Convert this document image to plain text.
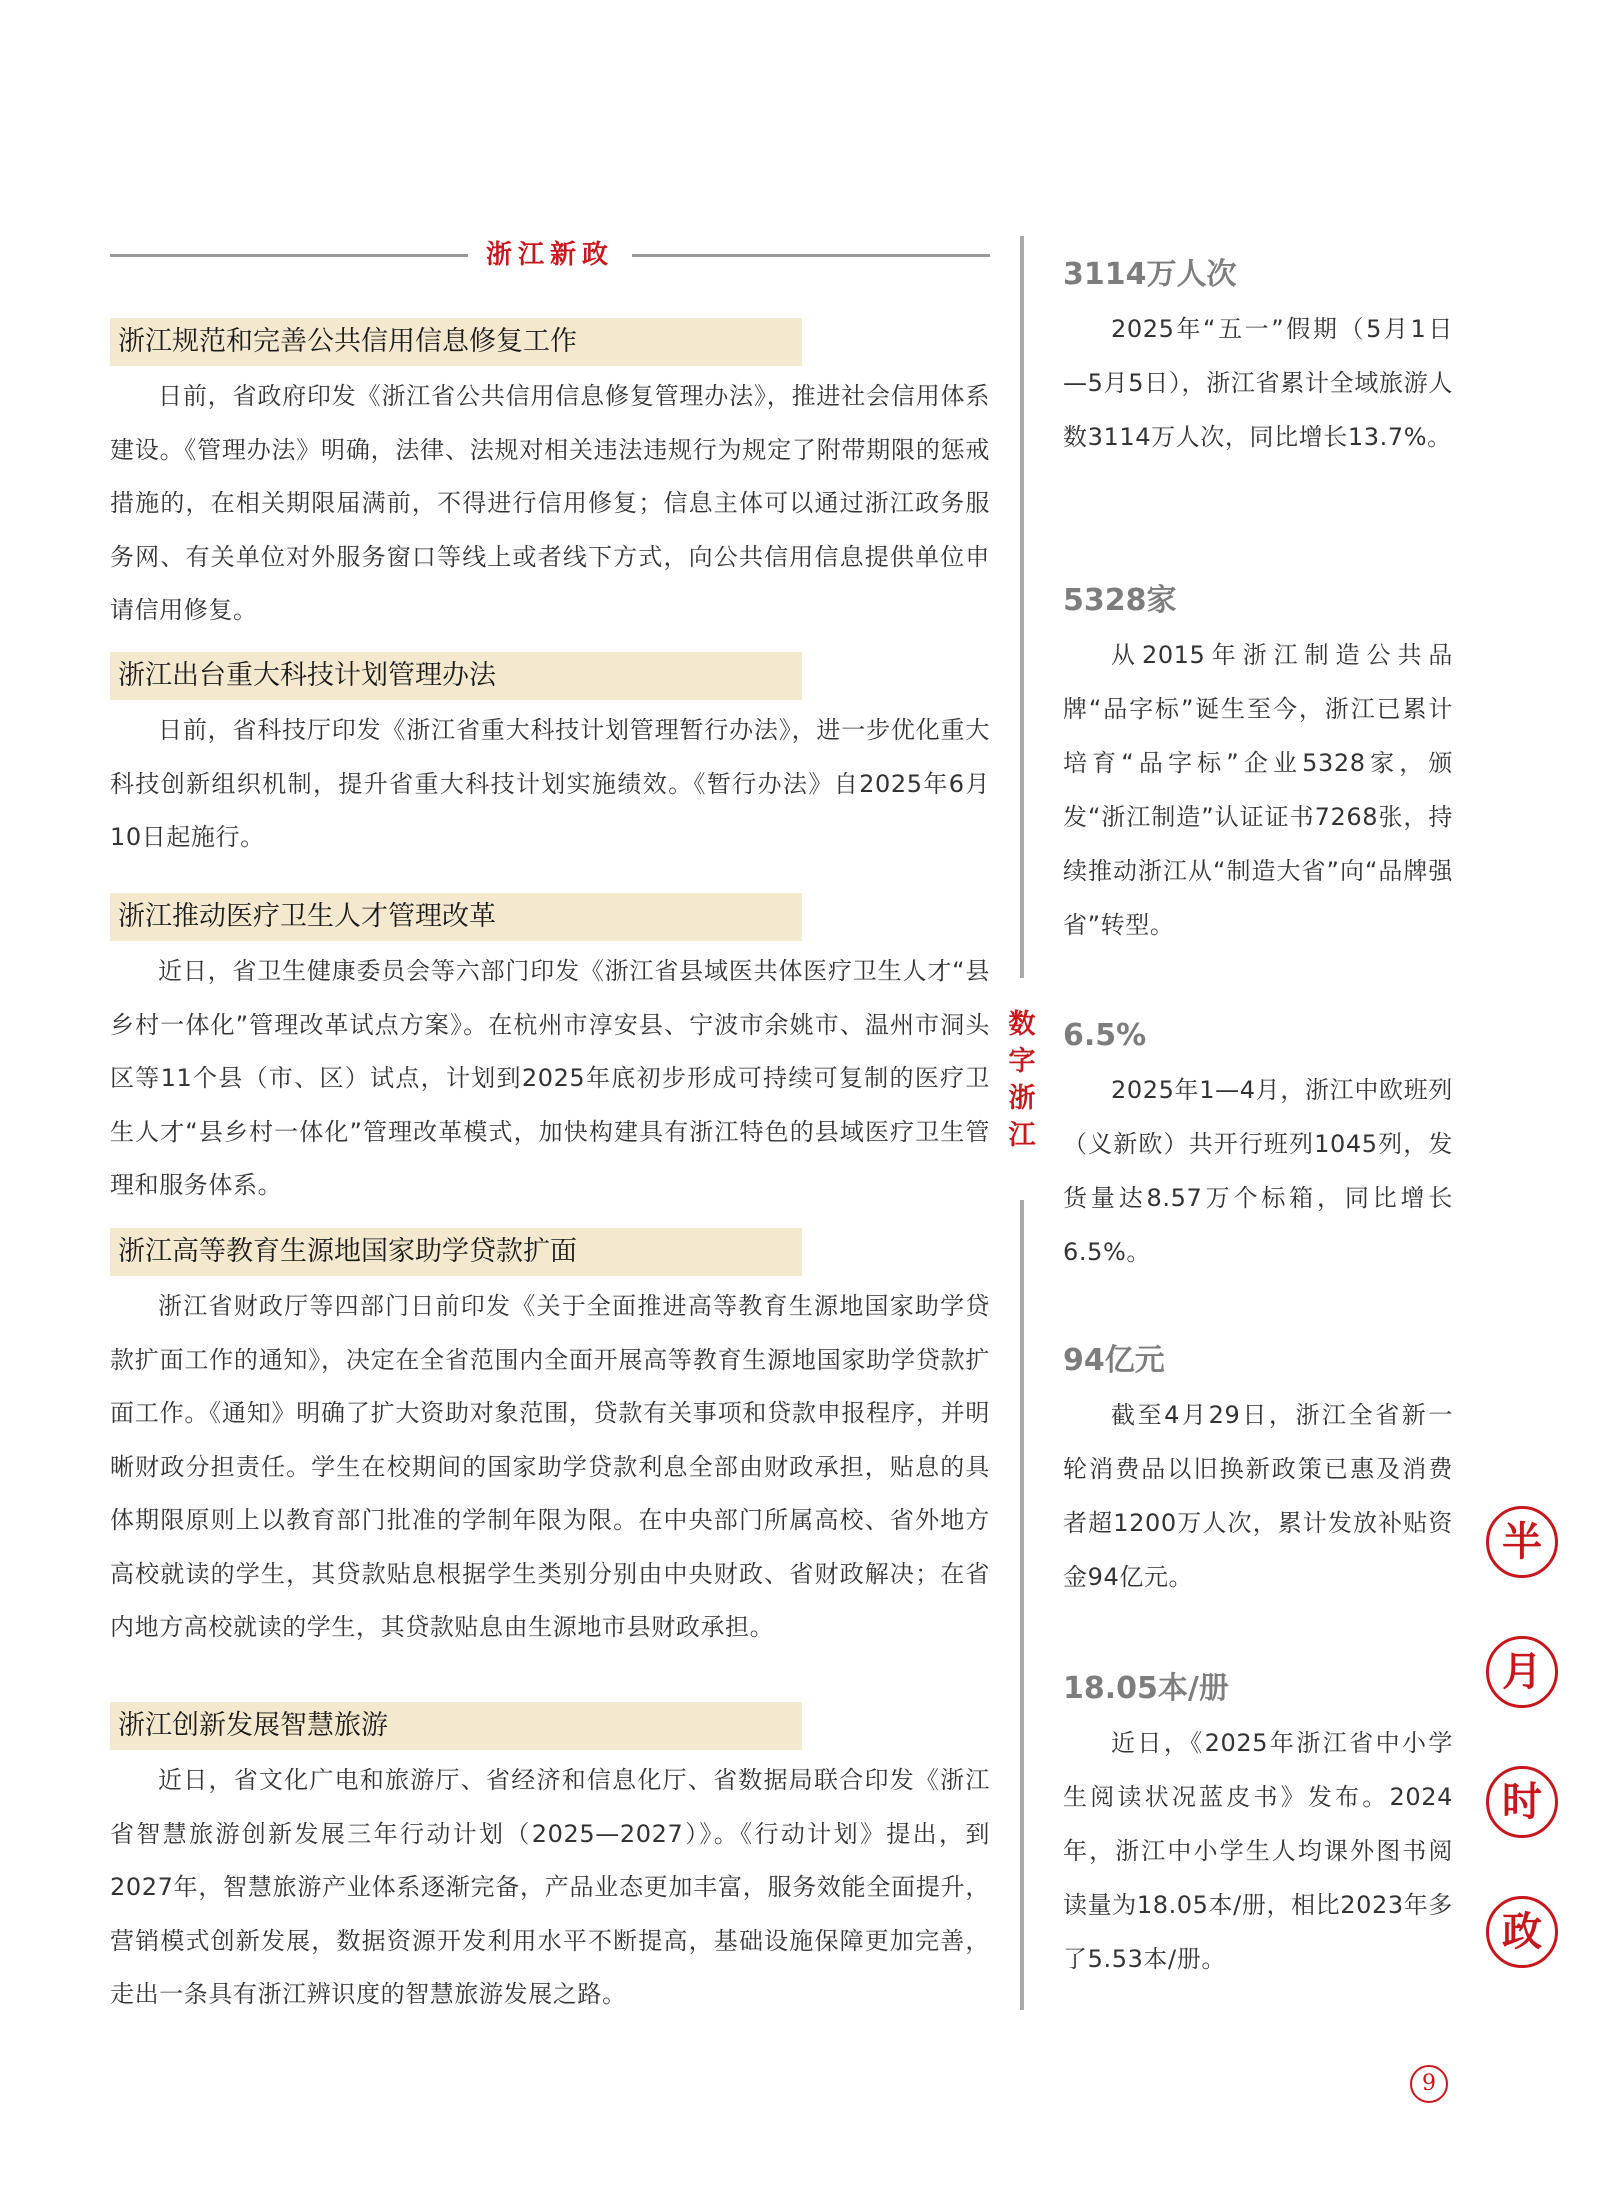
浙江新政
浙江规范和完善公共信用信息修复工作

日前，省政府印发《浙江省公共信用信息修复管理办法》，推进社会信用体系建设。《管理办法》明确，法律、法规对相关违法违规行为规定了附带期限的惩戒措施的，在相关期限届满前，不得进行信用修复；信息主体可以通过浙江政务服务网、有关单位对外服务窗口等线上或者线下方式，向公共信用信息提供单位申请信用修复。

浙江出台重大科技计划管理办法

日前，省科技厅印发《浙江省重大科技计划管理暂行办法》，进一步优化重大科技创新组织机制，提升省重大科技计划实施绩效。《暂行办法》自2025年6月10日起施行。

浙江推动医疗卫生人才管理改革

近日，省卫生健康委员会等六部门印发《浙江省县域医共体医疗卫生人才“县乡村一体化”管理改革试点方案》。在杭州市淳安县、宁波市余姚市、温州市洞头区等11个县（市、区）试点，计划到2025年底初步形成可持续可复制的医疗卫生人才“县乡村一体化”管理改革模式，加快构建具有浙江特色的县域医疗卫生管理和服务体系。

浙江高等教育生源地国家助学贷款扩面

浙江省财政厅等四部门日前印发《关于全面推进高等教育生源地国家助学贷款扩面工作的通知》，决定在全省范围内全面开展高等教育生源地国家助学贷款扩面工作。《通知》明确了扩大资助对象范围，贷款有关事项和贷款申报程序，并明晰财政分担责任。学生在校期间的国家助学贷款利息全部由财政承担，贴息的具体期限原则上以教育部门批准的学制年限为限。在中央部门所属高校、省外地方高校就读的学生，其贷款贴息根据学生类别分别由中央财政、省财政解决；在省内地方高校就读的学生，其贷款贴息由生源地市县财政承担。

浙江创新发展智慧旅游

近日，省文化广电和旅游厅、省经济和信息化厅、省数据局联合印发《浙江省智慧旅游创新发展三年行动计划（2025—2027）》。《行动计划》提出，到2027年，智慧旅游产业体系逐渐完备，产品业态更加丰富，服务效能全面提升，营销模式创新发展，数据资源开发利用水平不断提高，基础设施保障更加完善，走出一条具有浙江辨识度的智慧旅游发展之路。

数
字
浙
江
3114万人次

2025年“五一”假期（5月1日—5月5日），浙江省累计全域旅游人数3114万人次，同比增长13.7%。

5328家

从2015年浙江制造公共品牌“品字标”诞生至今，浙江已累计培育“品字标”企业5328家，颁发“浙江制造”认证证书7268张，持续推动浙江从“制造大省”向“品牌强省”转型。

6.5%

2025年1—4月，浙江中欧班列（义新欧）共开行班列1045列，发货量达8.57万个标箱，同比增长6.5%。

94亿元

截至4月29日，浙江全省新一轮消费品以旧换新政策已惠及消费者超1200万人次，累计发放补贴资金94亿元。

18.05本/册

近日，《2025年浙江省中小学生阅读状况蓝皮书》发布。2024年，浙江中小学生人均课外图书阅读量为18.05本/册，相比2023年多了5.53本/册。

半
月
时
政
9
